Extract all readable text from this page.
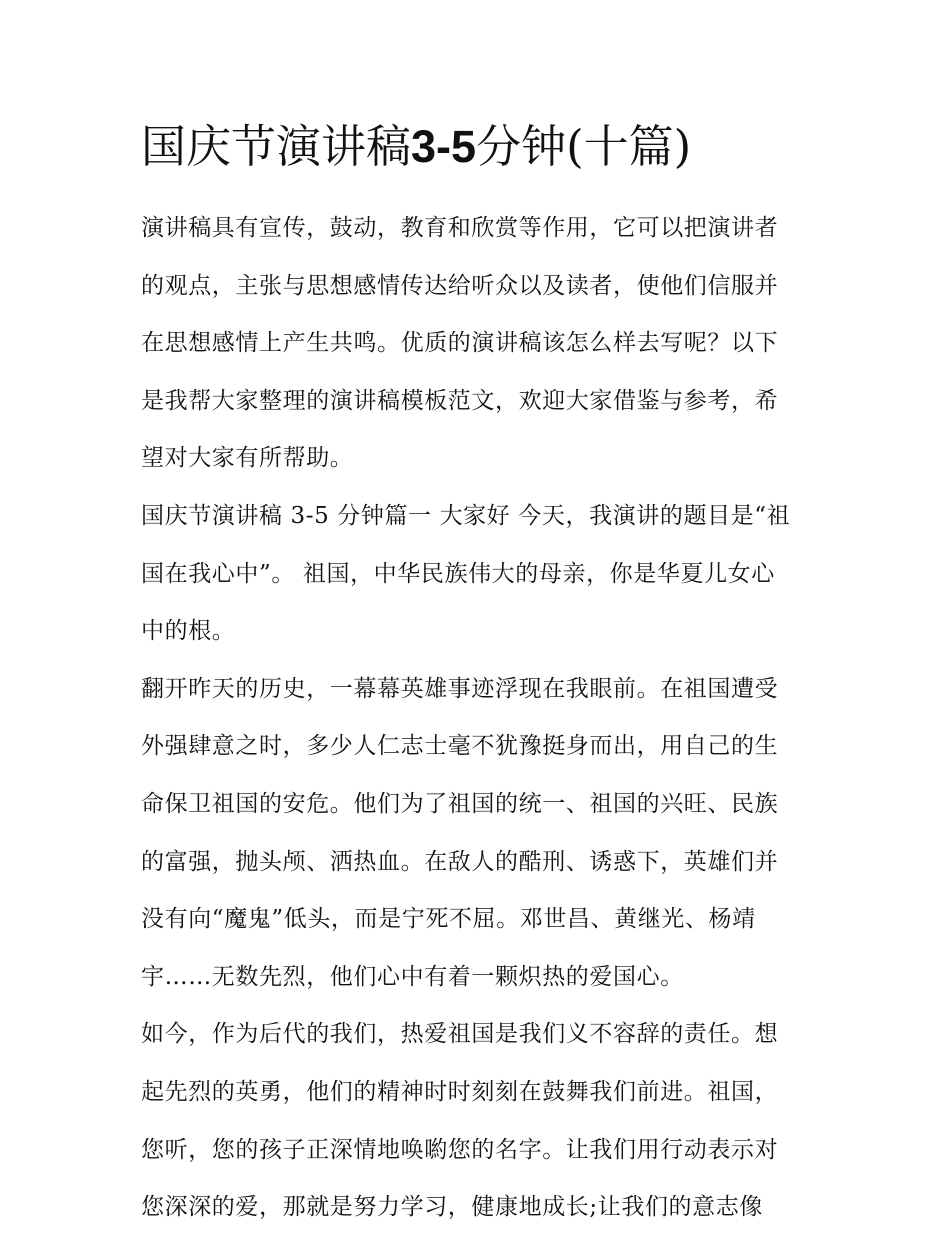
国庆节演讲稿3-5分钟(十篇)
演讲稿具有宣传，鼓动，教育和欣赏等作用，它可以把演讲者
的观点，主张与思想感情传达给听众以及读者，使他们信服并
在思想感情上产生共鸣。优质的演讲稿该怎么样去写呢？以下
是我帮大家整理的演讲稿模板范文，欢迎大家借鉴与参考，希
望对大家有所帮助。
国庆节演讲稿 3-5 分钟篇一 大家好 今天，我演讲的题目是“祖
国在我心中”。 祖国，中华民族伟大的母亲，你是华夏儿女心
中的根。
翻开昨天的历史，一幕幕英雄事迹浮现在我眼前。在祖国遭受
外强肆意之时，多少人仁志士毫不犹豫挺身而出，用自己的生
命保卫祖国的安危。他们为了祖国的统一、祖国的兴旺、民族
的富强，抛头颅、洒热血。在敌人的酷刑、诱惑下，英雄们并
没有向“魔鬼”低头，而是宁死不屈。邓世昌、黄继光、杨靖
宇……无数先烈，他们心中有着一颗炽热的爱国心。
如今，作为后代的我们，热爱祖国是我们义不容辞的责任。想
起先烈的英勇，他们的精神时时刻刻在鼓舞我们前进。祖国，
您听，您的孩子正深情地唤喲您的名字。让我们用行动表示对
您深深的爱，那就是努力学习，健康地成长;让我们的意志像
